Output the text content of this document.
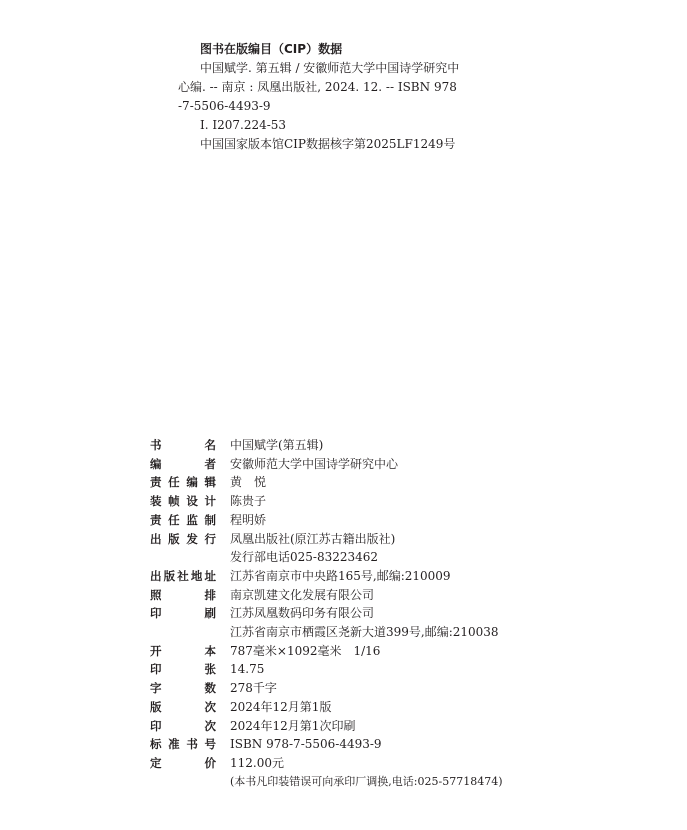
图书在版编目（CIP）数据
中国赋学. 第五辑 / 安徽师范大学中国诗学研究中
心编. -- 南京 : 凤凰出版社, 2024. 12. -- ISBN 978
-7-5506-4493-9
Ⅰ. I207.224-53
中国国家版本馆CIP数据核字第2025LF1249号
书名 中国赋学(第五辑)
编者 安徽师范大学中国诗学研究中心
责任编辑 黄　悦
装帧设计 陈贵子
责任监制 程明娇
出版发行 凤凰出版社(原江苏古籍出版社)
发行部电话025-83223462
出版社地址 江苏省南京市中央路165号,邮编:210009
照排 南京凯建文化发展有限公司
印刷 江苏凤凰数码印务有限公司
江苏省南京市栖霞区尧新大道399号,邮编:210038
开本 787毫米×1092毫米　1/16
印张 14.75
字数 278千字
版次 2024年12月第1版
印次 2024年12月第1次印刷
标准书号 ISBN 978-7-5506-4493-9
定价 112.00元
(本书凡印装错误可向承印厂调换,电话:025-57718474)
